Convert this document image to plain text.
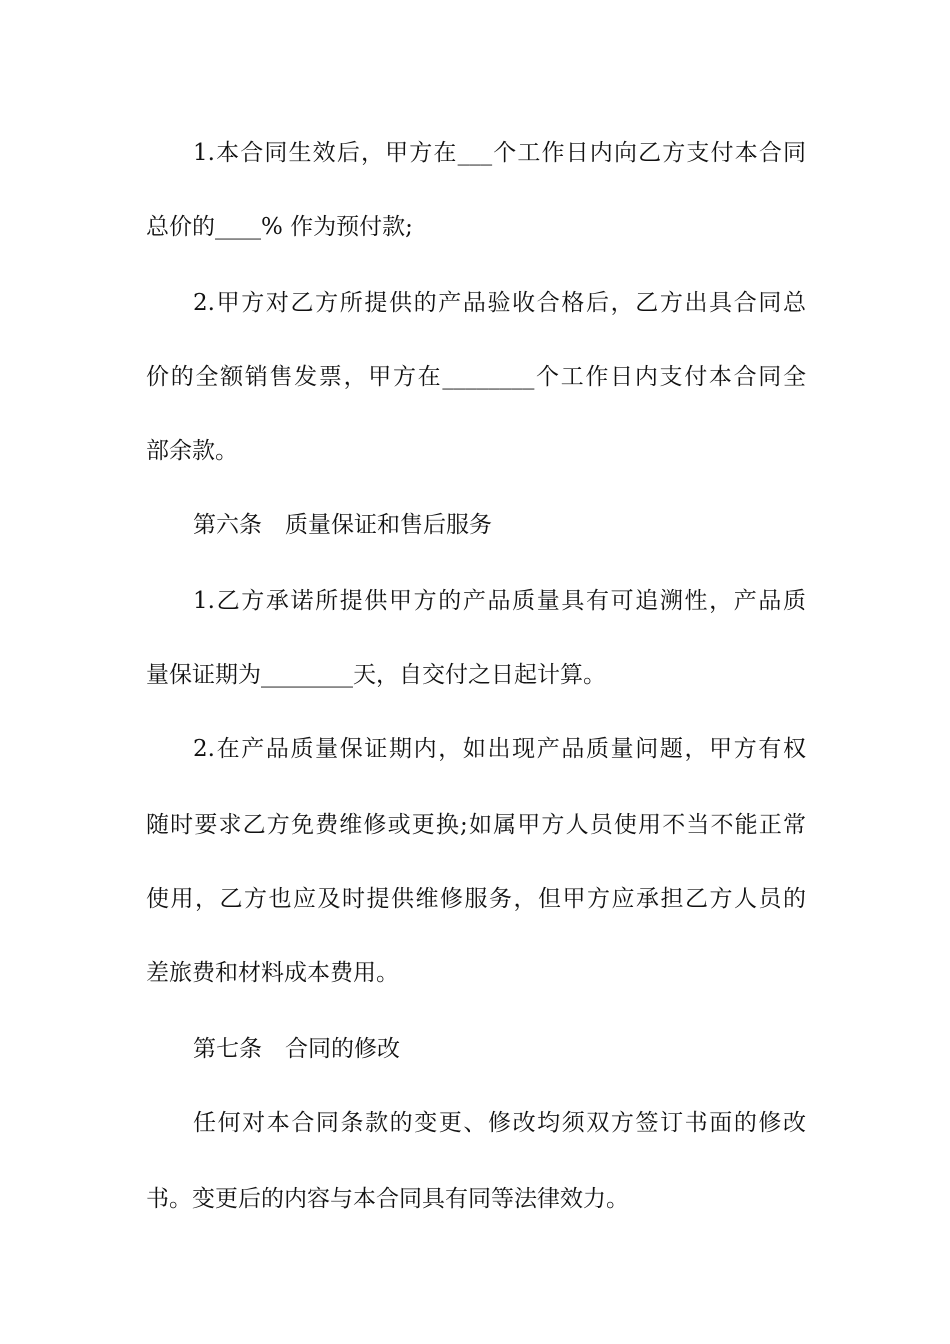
1.本合同生效后，甲方在___个工作日内向乙方支付本合同
总价的____% 作为预付款;
2.甲方对乙方所提供的产品验收合格后，乙方出具合同总
价的全额销售发票，甲方在________个工作日内支付本合同全
部余款。
第六条　质量保证和售后服务
1.乙方承诺所提供甲方的产品质量具有可追溯性，产品质
量保证期为________天，自交付之日起计算。
2.在产品质量保证期内，如出现产品质量问题，甲方有权
随时要求乙方免费维修或更换;如属甲方人员使用不当不能正常
使用，乙方也应及时提供维修服务，但甲方应承担乙方人员的
差旅费和材料成本费用。
第七条　合同的修改
任何对本合同条款的变更、修改均须双方签订书面的修改
书。变更后的内容与本合同具有同等法律效力。
